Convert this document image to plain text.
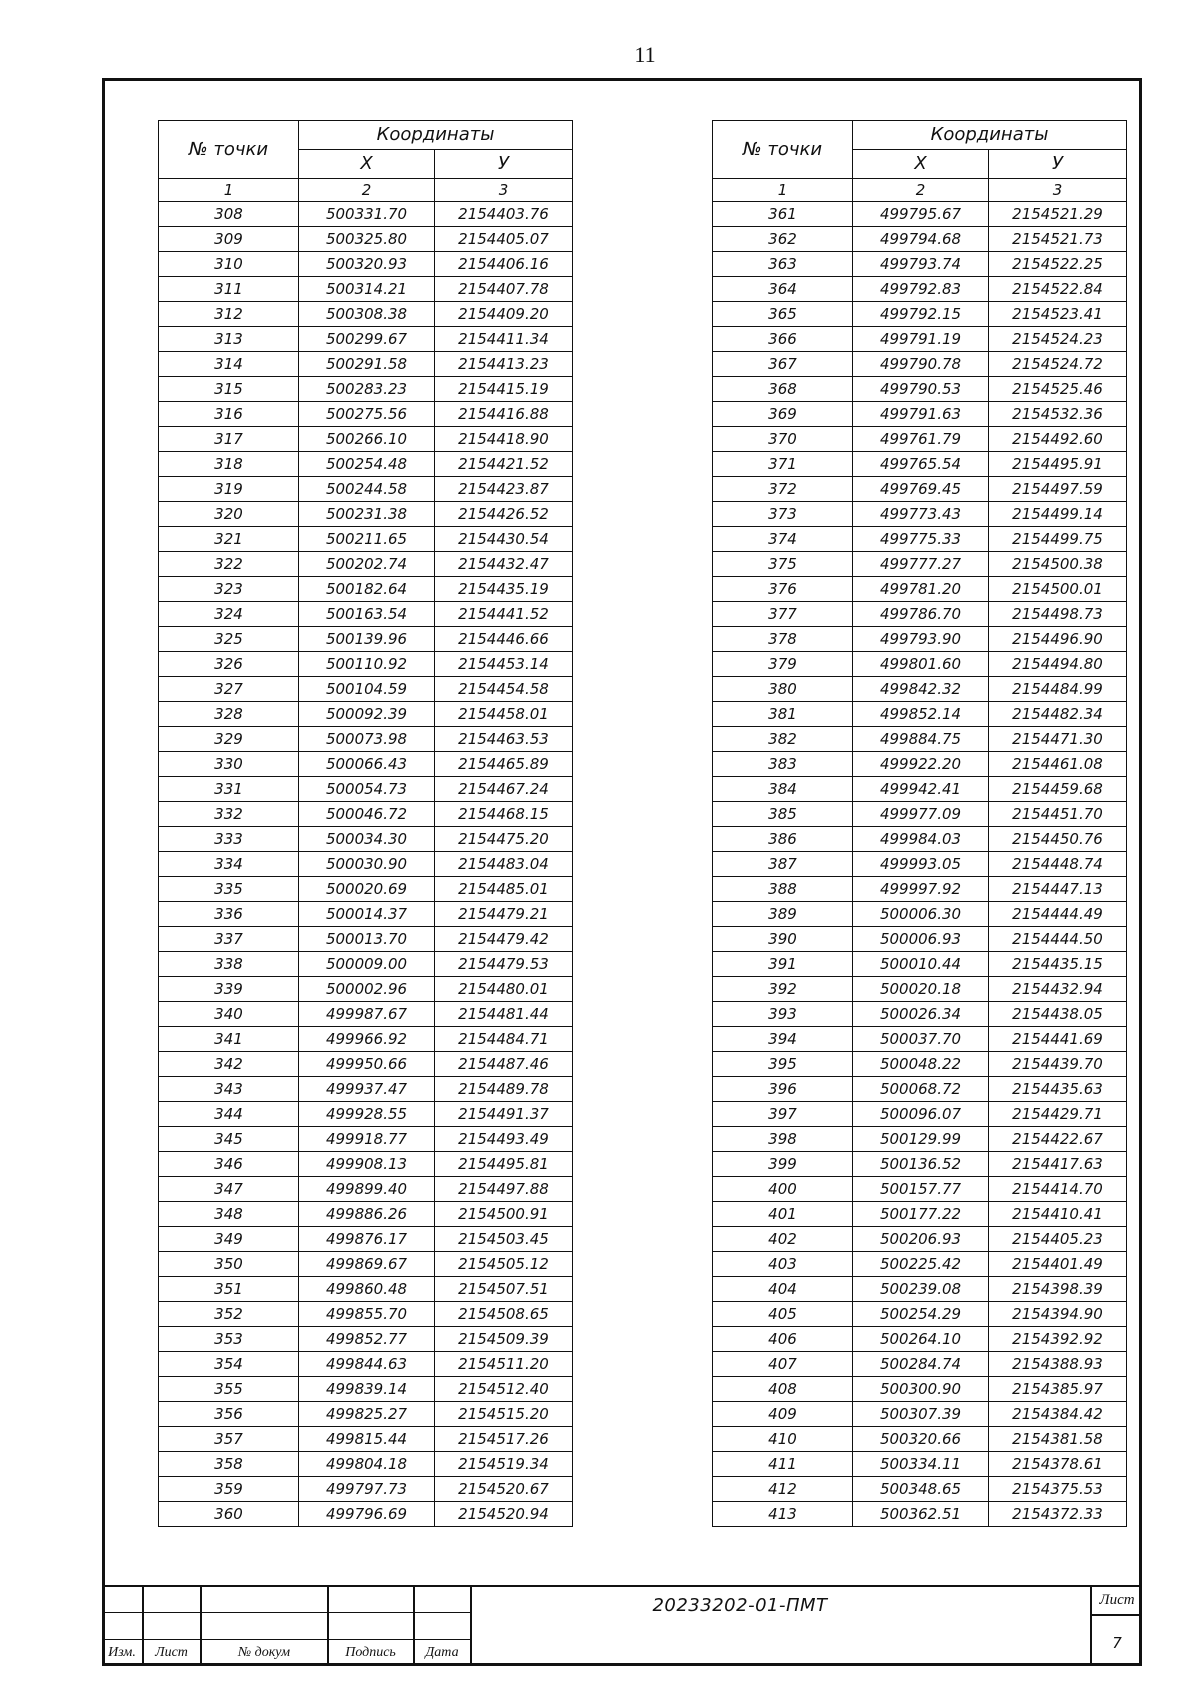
11
№ точки	Координаты	
	X	У
1	2	3
308	500331.70	2154403.76
309	500325.80	2154405.07
310	500320.93	2154406.16
311	500314.21	2154407.78
312	500308.38	2154409.20
313	500299.67	2154411.34
314	500291.58	2154413.23
315	500283.23	2154415.19
316	500275.56	2154416.88
317	500266.10	2154418.90
318	500254.48	2154421.52
319	500244.58	2154423.87
320	500231.38	2154426.52
321	500211.65	2154430.54
322	500202.74	2154432.47
323	500182.64	2154435.19
324	500163.54	2154441.52
325	500139.96	2154446.66
326	500110.92	2154453.14
327	500104.59	2154454.58
328	500092.39	2154458.01
329	500073.98	2154463.53
330	500066.43	2154465.89
331	500054.73	2154467.24
332	500046.72	2154468.15
333	500034.30	2154475.20
334	500030.90	2154483.04
335	500020.69	2154485.01
336	500014.37	2154479.21
337	500013.70	2154479.42
338	500009.00	2154479.53
339	500002.96	2154480.01
340	499987.67	2154481.44
341	499966.92	2154484.71
342	499950.66	2154487.46
343	499937.47	2154489.78
344	499928.55	2154491.37
345	499918.77	2154493.49
346	499908.13	2154495.81
347	499899.40	2154497.88
348	499886.26	2154500.91
349	499876.17	2154503.45
350	499869.67	2154505.12
351	499860.48	2154507.51
352	499855.70	2154508.65
353	499852.77	2154509.39
354	499844.63	2154511.20
355	499839.14	2154512.40
356	499825.27	2154515.20
357	499815.44	2154517.26
358	499804.18	2154519.34
359	499797.73	2154520.67
360	499796.69	2154520.94
№ точки	Координаты	
	X	У
1	2	3
361	499795.67	2154521.29
362	499794.68	2154521.73
363	499793.74	2154522.25
364	499792.83	2154522.84
365	499792.15	2154523.41
366	499791.19	2154524.23
367	499790.78	2154524.72
368	499790.53	2154525.46
369	499791.63	2154532.36
370	499761.79	2154492.60
371	499765.54	2154495.91
372	499769.45	2154497.59
373	499773.43	2154499.14
374	499775.33	2154499.75
375	499777.27	2154500.38
376	499781.20	2154500.01
377	499786.70	2154498.73
378	499793.90	2154496.90
379	499801.60	2154494.80
380	499842.32	2154484.99
381	499852.14	2154482.34
382	499884.75	2154471.30
383	499922.20	2154461.08
384	499942.41	2154459.68
385	499977.09	2154451.70
386	499984.03	2154450.76
387	499993.05	2154448.74
388	499997.92	2154447.13
389	500006.30	2154444.49
390	500006.93	2154444.50
391	500010.44	2154435.15
392	500020.18	2154432.94
393	500026.34	2154438.05
394	500037.70	2154441.69
395	500048.22	2154439.70
396	500068.72	2154435.63
397	500096.07	2154429.71
398	500129.99	2154422.67
399	500136.52	2154417.63
400	500157.77	2154414.70
401	500177.22	2154410.41
402	500206.93	2154405.23
403	500225.42	2154401.49
404	500239.08	2154398.39
405	500254.29	2154394.90
406	500264.10	2154392.92
407	500284.74	2154388.93
408	500300.90	2154385.97
409	500307.39	2154384.42
410	500320.66	2154381.58
411	500334.11	2154378.61
412	500348.65	2154375.53
413	500362.51	2154372.33
Изм.	Лист	№ докум	Подпись	Дата
20233202-01-ПМТ	Лист
7
